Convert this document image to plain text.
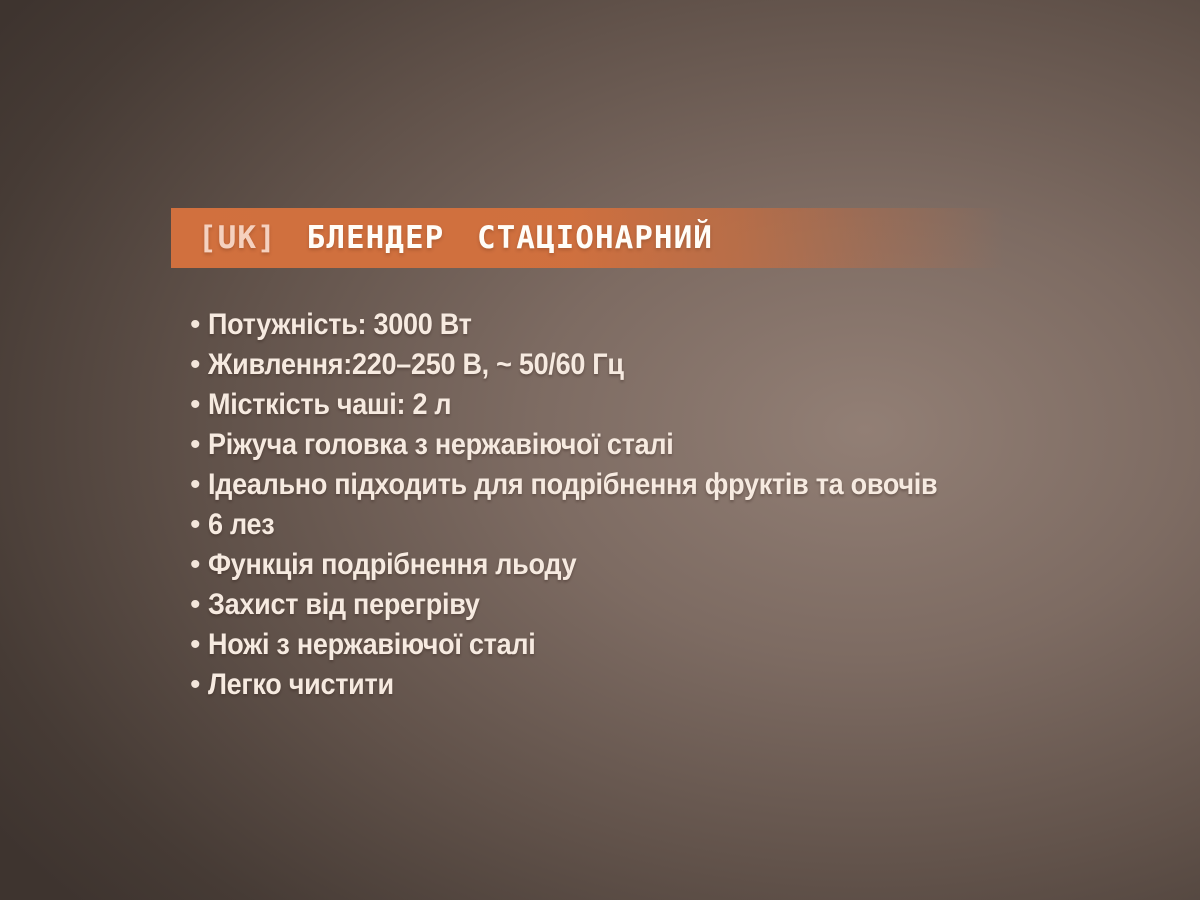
[UK] БЛЕНДЕР СТАЦІОНАРНИЙ
• Потужність: 3000 Вт
• Живлення:220–250 В, ~ 50/60 Гц
• Місткість чаші: 2 л
• Ріжуча головка з нержавіючої сталі
• Ідеально підходить для подрібнення фруктів та овочів
• 6 лез
• Функція подрібнення льоду
• Захист від перегріву
• Ножі з нержавіючої сталі
• Легко чистити
